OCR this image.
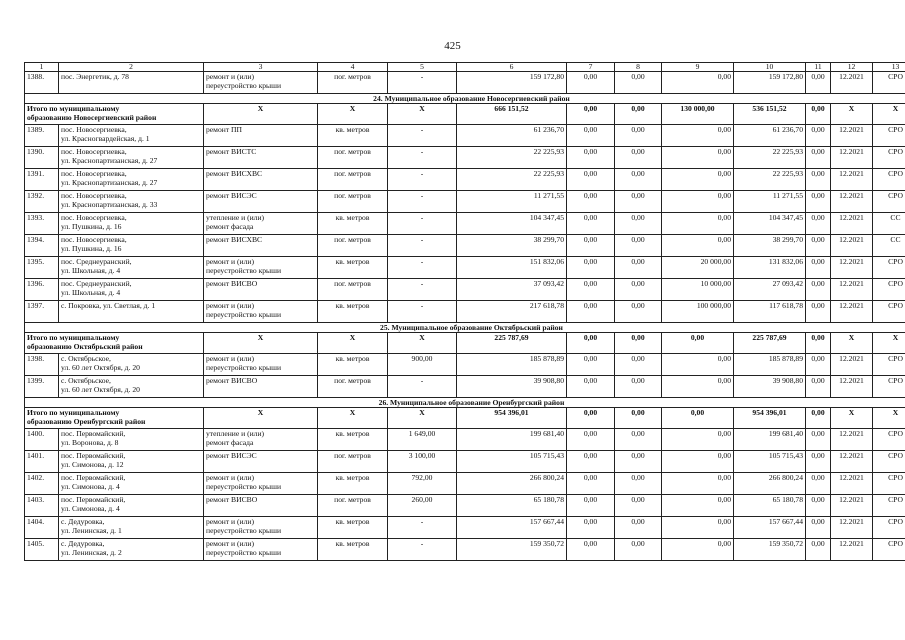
425
1	2	3	4	5	6	7	8	9	10	11	12	13
1388.	пос. Энергетик, д. 78	ремонт и (или)
переустройство крыши	пог. метров	-	159 172,80	0,00	0,00	0,00	159 172,80	0,00	12.2021	СРО
24. Муниципальное образование Новосергиевский район												
Итого по муниципальному
образованию Новосергиевский район		X	X	X	666 151,52	0,00	0,00	130 000,00	536 151,52	0,00	X	X
1389.	пос. Новосергиевка,
ул. Красногвардейская, д. 1	ремонт ПП	кв. метров	-	61 236,70	0,00	0,00	0,00	61 236,70	0,00	12.2021	СРО
1390.	пос. Новосергиевка,
ул. Краснопартизанская, д. 27	ремонт ВИСТС	пог. метров	-	22 225,93	0,00	0,00	0,00	22 225,93	0,00	12.2021	СРО
1391.	пос. Новосергиевка,
ул. Краснопартизанская, д. 27	ремонт ВИСХВС	пог. метров	-	22 225,93	0,00	0,00	0,00	22 225,93	0,00	12.2021	СРО
1392.	пос. Новосергиевка,
ул. Краснопартизанская, д. 33	ремонт ВИСЭС	пог. метров	-	11 271,55	0,00	0,00	0,00	11 271,55	0,00	12.2021	СРО
1393.	пос. Новосергиевка,
ул. Пушкина, д. 16	утепление и (или)
ремонт фасада	кв. метров	-	104 347,45	0,00	0,00	0,00	104 347,45	0,00	12.2021	СС
1394.	пос. Новосергиевка,
ул. Пушкина, д. 16	ремонт ВИСХВС	пог. метров	-	38 299,70	0,00	0,00	0,00	38 299,70	0,00	12.2021	СС
1395.	пос. Среднеуранский,
ул. Школьная, д. 4	ремонт и (или)
переустройство крыши	кв. метров	-	151 832,06	0,00	0,00	20 000,00	131 832,06	0,00	12.2021	СРО
1396.	пос. Среднеуранский,
ул. Школьная, д. 4	ремонт ВИСВО	пог. метров	-	37 093,42	0,00	0,00	10 000,00	27 093,42	0,00	12.2021	СРО
1397.	с. Покровка, ул. Светлая, д. 1	ремонт и (или)
переустройство крыши	кв. метров	-	217 618,78	0,00	0,00	100 000,00	117 618,78	0,00	12.2021	СРО
25. Муниципальное образование Октябрьский район												
Итого по муниципальному
образованию Октябрьский район		X	X	X	225 787,69	0,00	0,00	0,00	225 787,69	0,00	X	X
1398.	с. Октябрьское,
ул. 60 лет Октября, д. 20	ремонт и (или)
переустройство крыши	кв. метров	900,00	185 878,89	0,00	0,00	0,00	185 878,89	0,00	12.2021	СРО
1399.	с. Октябрьское,
ул. 60 лет Октября, д. 20	ремонт ВИСВО	пог. метров	-	39 908,80	0,00	0,00	0,00	39 908,80	0,00	12.2021	СРО
26. Муниципальное образование Оренбургский район												
Итого по муниципальному
образованию Оренбургский район		X	X	X	954 396,01	0,00	0,00	0,00	954 396,01	0,00	X	X
1400.	пос. Первомайский,
ул. Воронова, д. 8	утепление и (или)
ремонт фасада	кв. метров	1 649,00	199 681,40	0,00	0,00	0,00	199 681,40	0,00	12.2021	СРО
1401.	пос. Первомайский,
ул. Симонова, д. 12	ремонт ВИСЭС	пог. метров	3 100,00	105 715,43	0,00	0,00	0,00	105 715,43	0,00	12.2021	СРО
1402.	пос. Первомайский,
ул. Симонова, д. 4	ремонт и (или)
переустройство крыши	кв. метров	792,00	266 800,24	0,00	0,00	0,00	266 800,24	0,00	12.2021	СРО
1403.	пос. Первомайский,
ул. Симонова, д. 4	ремонт ВИСВО	пог. метров	260,00	65 180,78	0,00	0,00	0,00	65 180,78	0,00	12.2021	СРО
1404.	с. Дедуровка,
ул. Ленинская, д. 1	ремонт и (или)
переустройство крыши	кв. метров	-	157 667,44	0,00	0,00	0,00	157 667,44	0,00	12.2021	СРО
1405.	с. Дедуровка,
ул. Ленинская, д. 2	ремонт и (или)
переустройство крыши	кв. метров	-	159 350,72	0,00	0,00	0,00	159 350,72	0,00	12.2021	СРО
